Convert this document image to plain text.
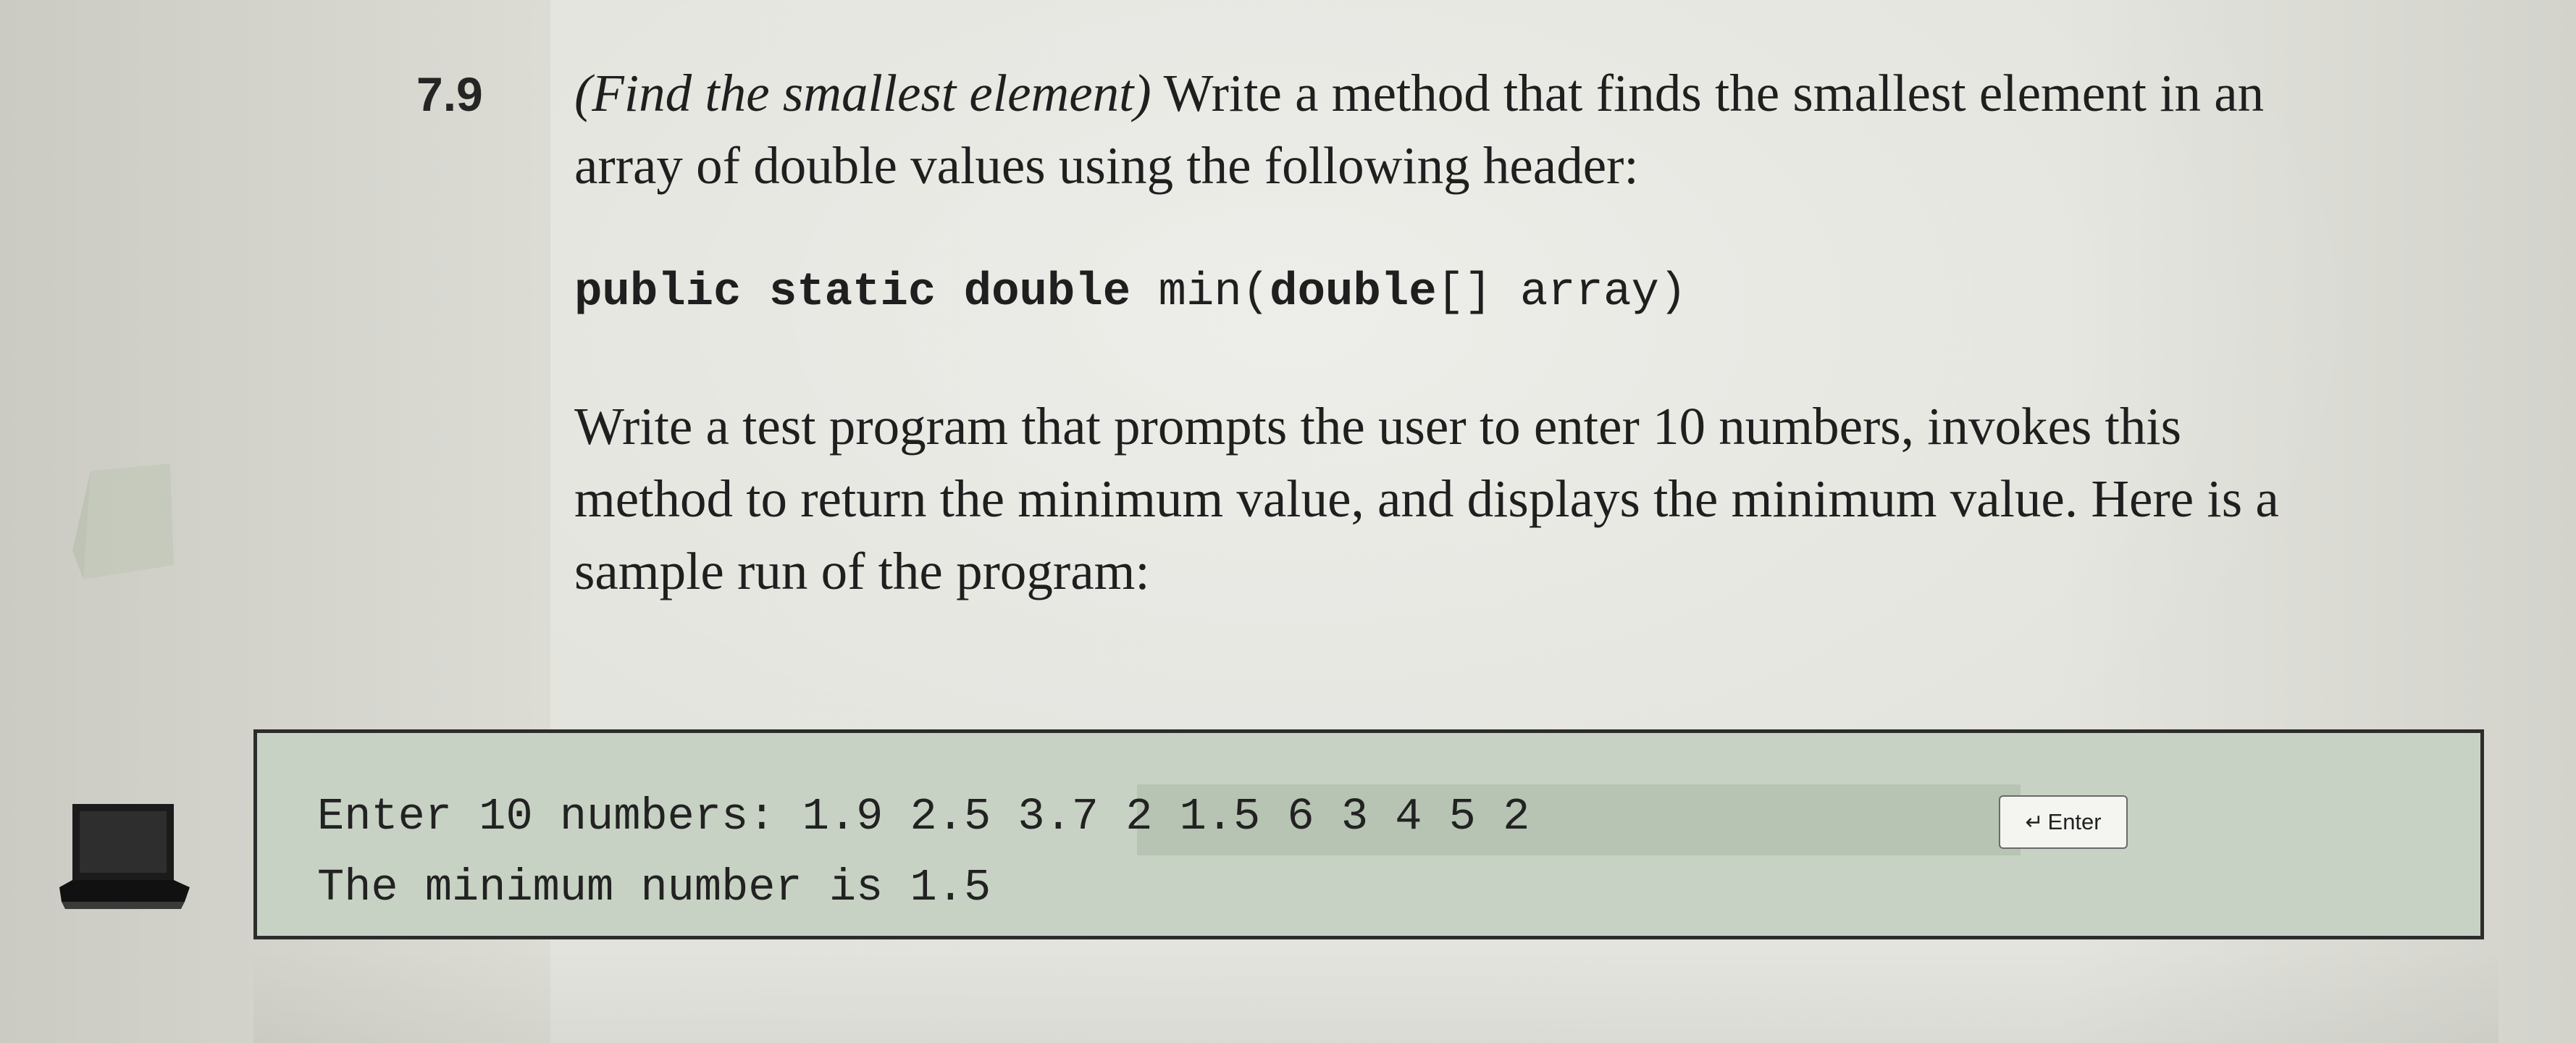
7.9 (Find the smallest element) Write a method that finds the smallest element in an
array of double values using the following header:
public static double min(double[] array)
Write a test program that prompts the user to enter 10 numbers, invokes this
method to return the minimum value, and displays the minimum value. Here is a
sample run of the program:
Enter 10 numbers: 1.9 2.5 3.7 2 1.5 6 3 4 5 2	↵ Enter
The minimum number is 1.5
